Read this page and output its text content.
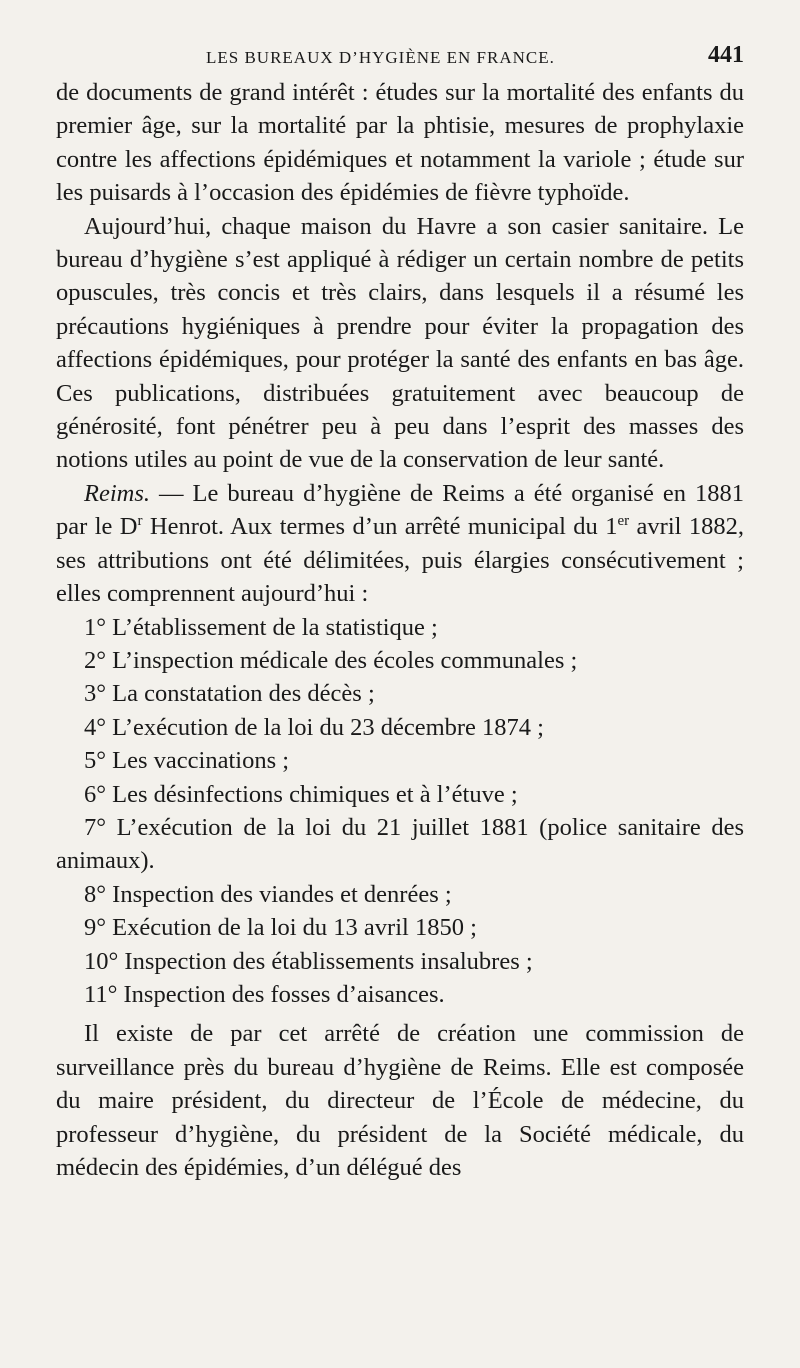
LES BUREAUX D’HYGIÈNE EN FRANCE.	441

de documents de grand intérêt : études sur la mortalité des enfants du premier âge, sur la mortalité par la phtisie, mesures de prophylaxie contre les affections épidémiques et notamment la variole ; étude sur les puisards à l’occasion des épidémies de fièvre typhoïde.

Aujourd’hui, chaque maison du Havre a son casier sanitaire. Le bureau d’hygiène s’est appliqué à rédiger un certain nombre de petits opuscules, très concis et très clairs, dans lesquels il a résumé les précautions hygiéniques à prendre pour éviter la propagation des affections épidémiques, pour protéger la santé des enfants en bas âge. Ces publications, distribuées gratuitement avec beaucoup de générosité, font pénétrer peu à peu dans l’esprit des masses des notions utiles au point de vue de la conservation de leur santé.

Reims. — Le bureau d’hygiène de Reims a été organisé en 1881 par le $D^r$ Henrot. Aux termes d’un arrêté municipal du 1er avril 1882, ses attributions ont été délimitées, puis élargies consécutivement ; elles comprennent aujourd’hui :

1° L’établissement de la statistique ;

2° L’inspection médicale des écoles communales ;

3° La constatation des décès ;

4° L’exécution de la loi du 23 décembre 1874 ;

5° Les vaccinations ;

6° Les désinfections chimiques et à l’étuve ;

7° L’exécution de la loi du 21 juillet 1881 (police sanitaire des animaux).

8° Inspection des viandes et denrées ;

9° Exécution de la loi du 13 avril 1850 ;

10° Inspection des établissements insalubres ;

11° Inspection des fosses d’aisances.

Il existe de par cet arrêté de création une commission de surveillance près du bureau d’hygiène de Reims. Elle est composée du maire président, du directeur de l’École de médecine, du professeur d’hygiène, du président de la Société médicale, du médecin des épidémies, d’un délégué des
